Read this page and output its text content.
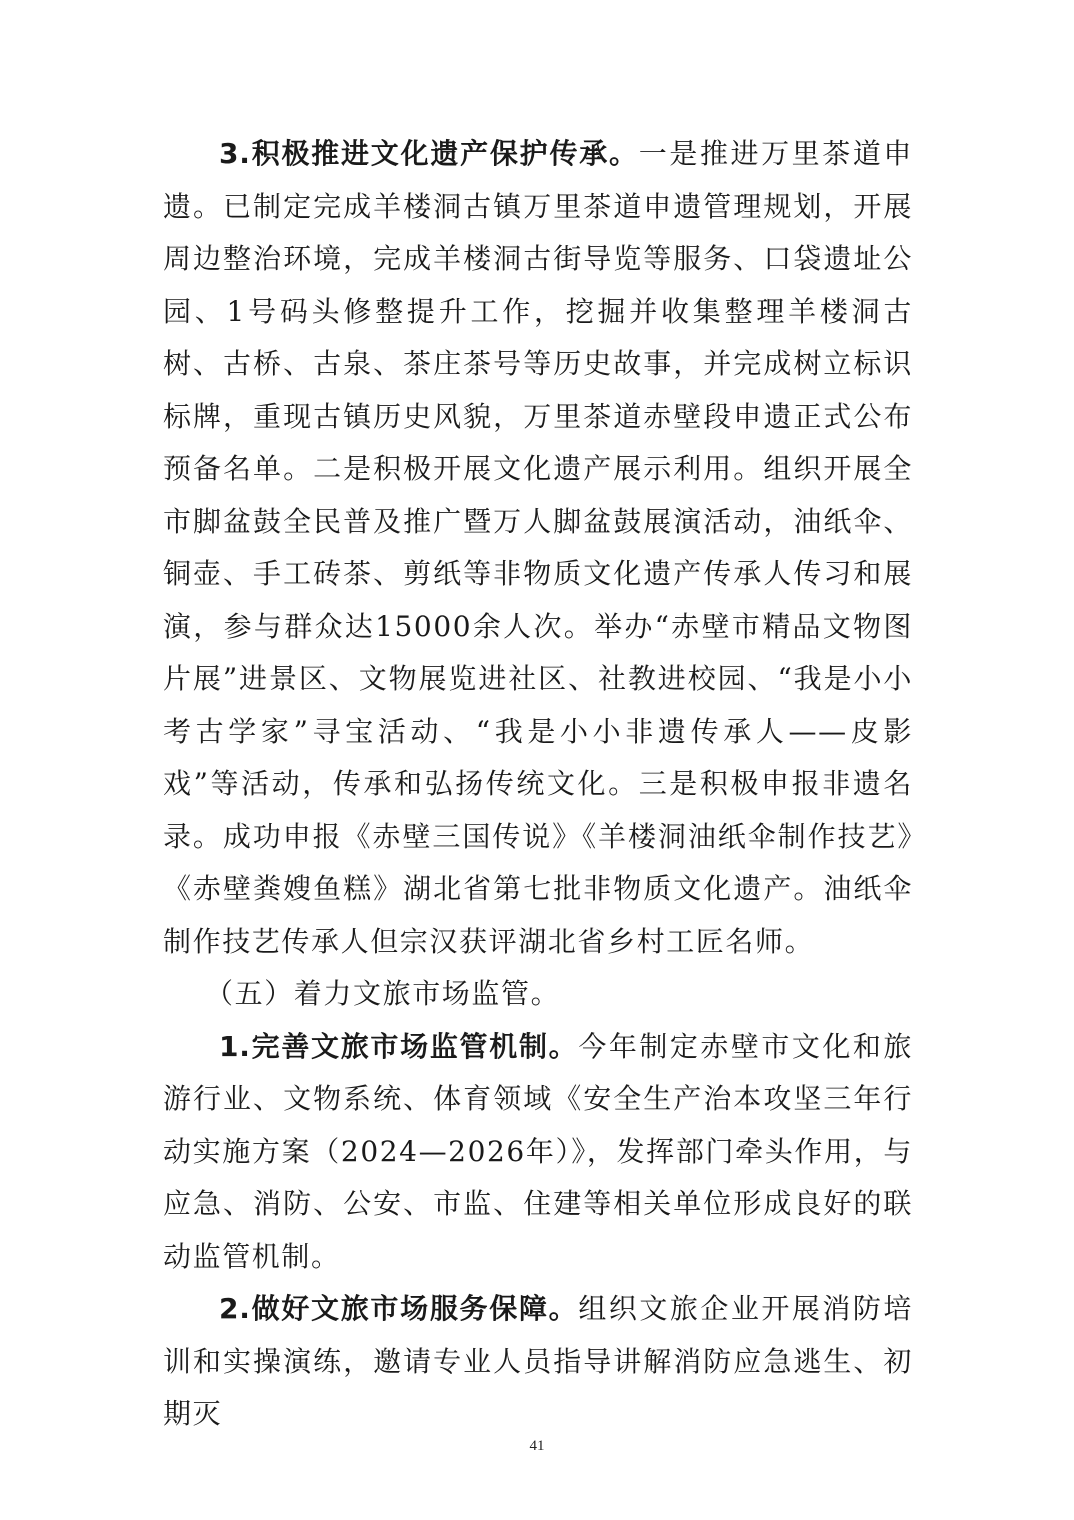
3.积极推进文化遗产保护传承。一是推进万里茶道申遗。已制定完成羊楼洞古镇万里茶道申遗管理规划，开展周边整治环境，完成羊楼洞古街导览等服务、口袋遗址公园、1号码头修整提升工作，挖掘并收集整理羊楼洞古树、古桥、古泉、茶庄茶号等历史故事，并完成树立标识标牌，重现古镇历史风貌，万里茶道赤壁段申遗正式公布预备名单。二是积极开展文化遗产展示利用。组织开展全市脚盆鼓全民普及推广暨万人脚盆鼓展演活动，油纸伞、铜壶、手工砖茶、剪纸等非物质文化遗产传承人传习和展演，参与群众达15000余人次。举办“赤壁市精品文物图片展”进景区、文物展览进社区、社教进校园、“我是小小考古学家”寻宝活动、“我是小小非遗传承人——皮影戏”等活动，传承和弘扬传统文化。三是积极申报非遗名录。成功申报《赤壁三国传说》《羊楼洞油纸伞制作技艺》《赤壁粪嫂鱼糕》湖北省第七批非物质文化遗产。油纸伞制作技艺传承人但宗汉获评湖北省乡村工匠名师。

（五）着力文旅市场监管。

1.完善文旅市场监管机制。今年制定赤壁市文化和旅游行业、文物系统、体育领域《安全生产治本攻坚三年行动实施方案（2024—2026年）》，发挥部门牵头作用，与应急、消防、公安、市监、住建等相关单位形成良好的联动监管机制。

2.做好文旅市场服务保障。组织文旅企业开展消防培训和实操演练，邀请专业人员指导讲解消防应急逃生、初期灭

41
